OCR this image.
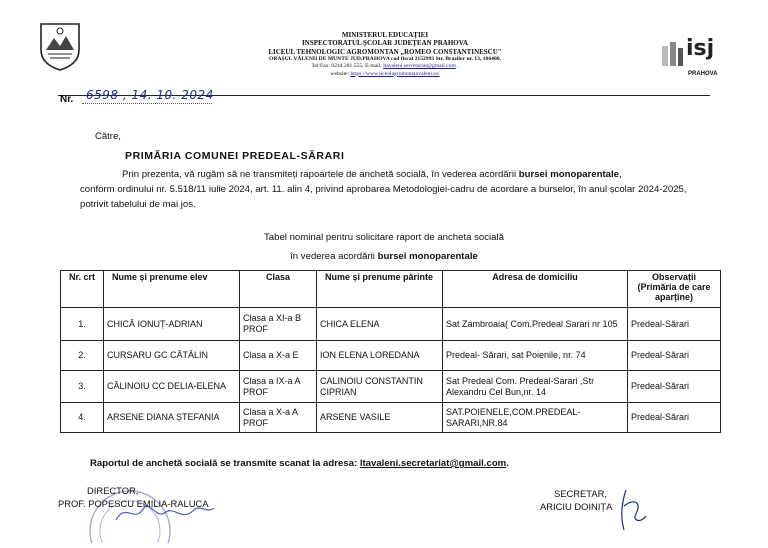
MINISTERUL EDUCAȚIEI
INSPECTORATUL ȘCOLAR JUDEȚEAN PRAHOVA
LICEUL TEHNOLOGIC AGROMONTAN „ROMEO CONSTANTINESCU"
ORAȘUL VĂLENII DE MUNTE JUD.PRAHOVA cod fiscal 2152993 Str. Brazilor nr. 13, 106400,
Tel/Fax: 0244.281.555; E-mail: ltavaleni.secretariat@gmail.com ,
website: https://www.liceulagromontanvaleni.ro/
isj
PRAHOVA
Nr. 6598 , 14. 10. 2024
Către,
PRIMĂRIA COMUNEI PREDEAL-SĂRARI
Prin prezenta, vă rugăm să ne transmiteți rapoartele de anchetă socială, în vederea acordării bursei monoparentale,
conform ordinului nr. 5.518/11 iulie 2024, art. 11. alin 4, privind aprobarea Metodologiei-cadru de acordare a burselor, în anul școlar 2024-2025, potrivit tabelului de mai jos.
Tabel nominal pentru solicitare raport de ancheta socială
în vederea acordării bursei monoparentale
Nr. crt	Nume și prenume elev	Clasa	Nume și prenume părinte	Adresa de domiciliu	Observații
(Primăria de care
aparține)
1.	CHICĂ IONUȚ-ADRIAN	Clasa a XI-a B PROF	CHICA ELENA	Sat Zambroaia( Com.Predeal Sarari nr 105	Predeal-Sărari
2.	CURSARU GC CĂTĂLIN	Clasa a X-a E	ION ELENA LOREDANA	Predeal- Sărari, sat Poienile, nr. 74	Predeal-Sărari
3.	CĂLINOIU CC DELIA-ELENA	Clasa a IX-a A PROF	CALINOIU CONSTANTIN CIPRIAN	Sat Predeal Com. Predeal-Sarari ,Str Alexandru Cel Bun,nr. 14	Predeal-Sărari
4.	ARSENE DIANA ȘTEFANIA	Clasa a X-a A PROF	ARSENE VASILE	SAT.POIENELE,COM.PREDEAL-SARARI,NR.84	Predeal-Sărari
Raportul de anchetă socială se transmite scanat la adresa: ltavaleni.secretariat@gmail.com.
DIRECTOR,
PROF. POPESCU EMILIA-RALUCA
SECRETAR,
ARICIU DOINIȚA
